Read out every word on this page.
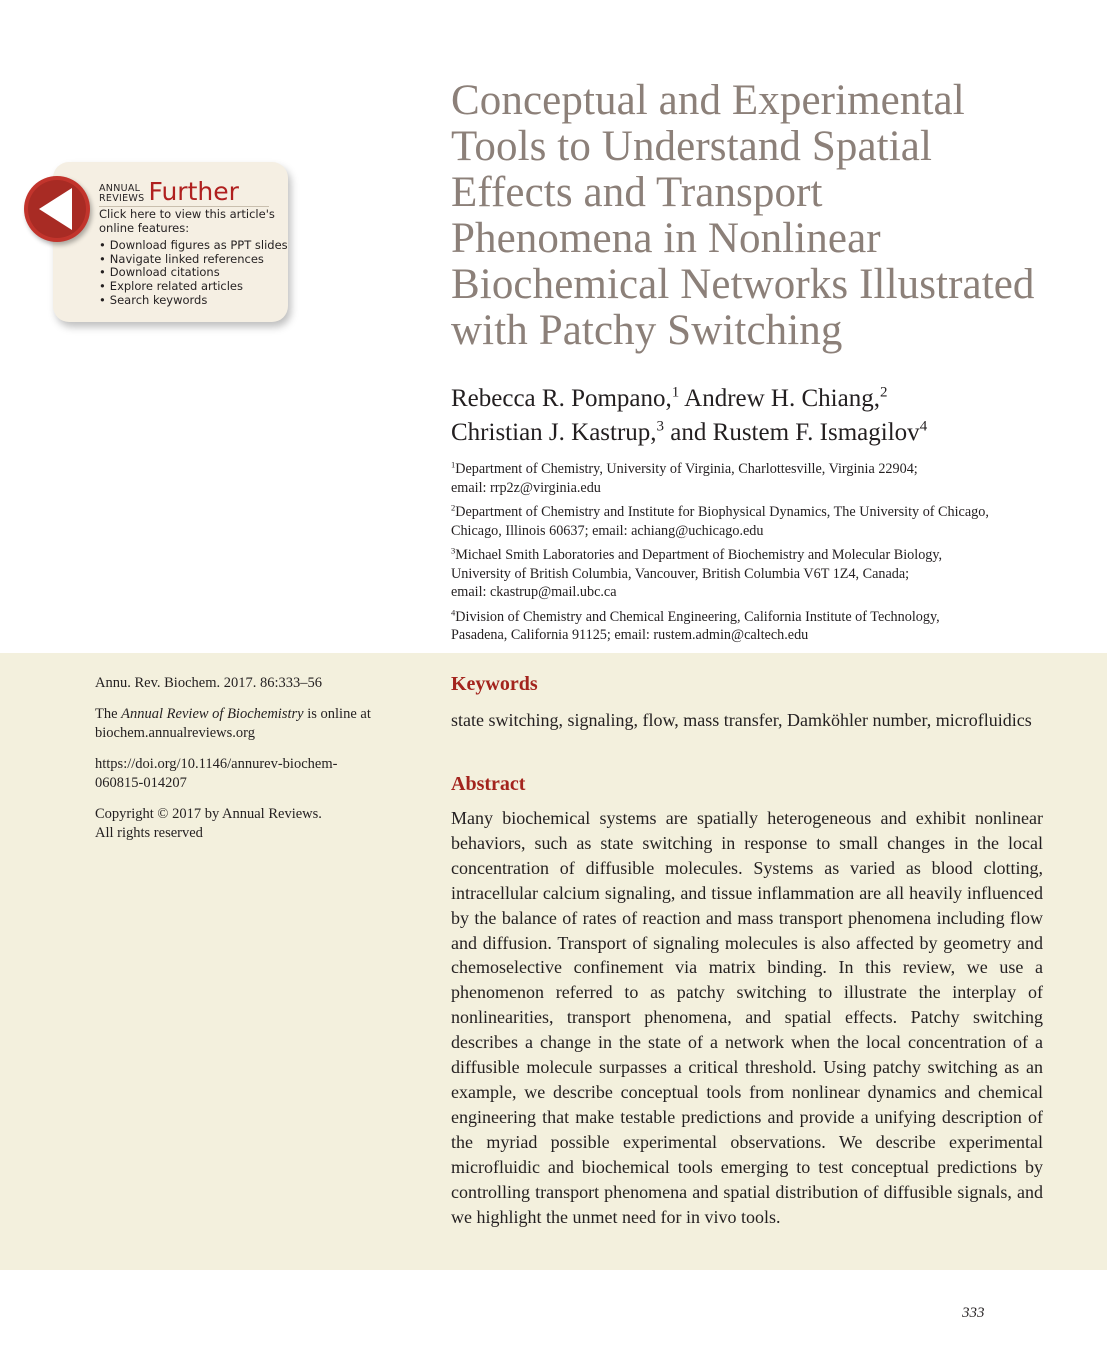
Conceptual and Experimental
Tools to Understand Spatial
Effects and Transport
Phenomena in Nonlinear
Biochemical Networks Illustrated
with Patchy Switching
Rebecca R. Pompano,$^1$ Andrew H. Chiang,$^2$
Christian J. Kastrup,$^3$ and Rustem F. Ismagilov$^4$
$^1$Department of Chemistry, University of Virginia, Charlottesville, Virginia 22904;
email: rrp2z@virginia.edu
$^2$Department of Chemistry and Institute for Biophysical Dynamics, The University of Chicago,
Chicago, Illinois 60637; email: achiang@uchicago.edu
$^3$Michael Smith Laboratories and Department of Biochemistry and Molecular Biology,
University of British Columbia, Vancouver, British Columbia V6T 1Z4, Canada;
email: ckastrup@mail.ubc.ca
$^4$Division of Chemistry and Chemical Engineering, California Institute of Technology,
Pasadena, California 91125; email: rustem.admin@caltech.edu
ANNUAL
REVIEWS Further
Click here to view this article's
online features:
• Download figures as PPT slides
• Navigate linked references
• Download citations
• Explore related articles
• Search keywords

Annu. Rev. Biochem. 2017. 86:333–56

The Annual Review of Biochemistry is online at
biochem.annualreviews.org

https://doi.org/10.1146/annurev-biochem-
060815-014207

Copyright © 2017 by Annual Reviews.
All rights reserved

Keywords
state switching, signaling, flow, mass transfer, Damköhler number, microfluidics
Abstract

Many biochemical systems are spatially heterogeneous and exhibit nonlinear behaviors, such as state switching in response to small changes in the local concentration of diffusible molecules. Systems as varied as blood clotting, intracellular calcium signaling, and tissue inflammation are all heavily influenced by the balance of rates of reaction and mass transport phenomena including flow and diffusion. Transport of signaling molecules is also affected by geometry and chemoselective confinement via matrix binding. In this review, we use a phenomenon referred to as patchy switching to illustrate the interplay of nonlinearities, transport phenomena, and spatial effects. Patchy switching describes a change in the state of a network when the local concentration of a diffusible molecule surpasses a critical threshold. Using patchy switching as an example, we describe conceptual tools from nonlinear dynamics and chemical engineering that make testable predictions and provide a unifying description of the myriad possible experimental observations. We describe experimental microfluidic and biochemical tools emerging to test conceptual predictions by controlling transport phenomena and spatial distribution of diffusible signals, and we highlight the unmet need for in vivo tools.

333
